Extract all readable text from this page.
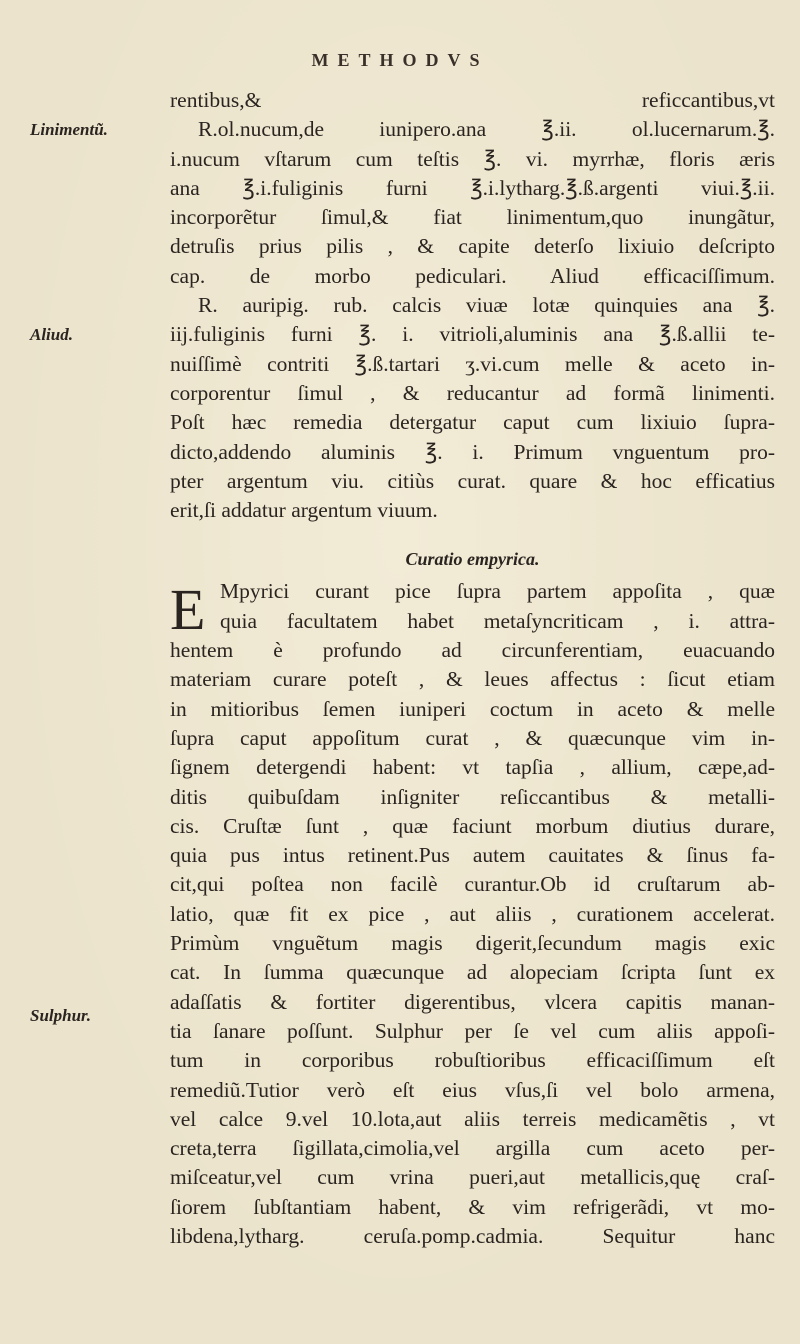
METHODVS
Linimentũ.
Aliud.
Sulphur.
rentibus,& reficcantibus,vt
R.ol.nucum,de iunipero.ana ℥.ii. ol.lucernarum.℥.
i.nucum vſtarum cum teſtis ℥. vi. myrrhæ, floris æris
ana ℥.i.fuliginis furni ℥.i.lytharg.℥.ß.argenti viui.℥.ii.
incorporẽtur ſimul,& fiat linimentum,quo inungãtur,
detruſis prius pilis , & capite deterſo lixiuio deſcripto
cap. de morbo pediculari. Aliud efficaciſſimum.
R. auripig. rub. calcis viuæ lotæ quinquies ana ℥.
iij.fuliginis furni ℥. i. vitrioli,aluminis ana ℥.ß.allii te-
nuiſſimè contriti ℥.ß.tartari ʒ.vi.cum melle & aceto in-
corporentur ſimul , & reducantur ad formã linimenti.
Poſt hæc remedia detergatur caput cum lixiuio ſupra-
dicto,addendo aluminis ℥. i. Primum vnguentum pro-
pter argentum viu. citiùs curat. quare & hoc efficatius
erit,ſi addatur argentum viuum.
Curatio empyrica.
E Mpyrici curant pice ſupra partem appoſita , quæ
quia facultatem habet metaſyncriticam , i. attra-
hentem è profundo ad circunferentiam, euacuando
materiam curare poteſt , & leues affectus : ſicut etiam
in mitioribus ſemen iuniperi coctum in aceto & melle
ſupra caput appoſitum curat , & quæcunque vim in-
ſignem detergendi habent: vt tapſia , allium, cæpe,ad-
ditis quibuſdam inſigniter reſiccantibus & metalli-
cis. Cruſtæ ſunt , quæ faciunt morbum diutius durare,
quia pus intus retinent.Pus autem cauitates & ſinus fa-
cit,qui poſtea non facilè curantur.Ob id cruſtarum ab-
latio, quæ fit ex pice , aut aliis , curationem accelerat.
Primùm vnguẽtum magis digerit,ſecundum magis exic
cat. In ſumma quæcunque ad alopeciam ſcripta ſunt ex
adaſſatis & fortiter digerentibus, vlcera capitis manan-
tia ſanare poſſunt. Sulphur per ſe vel cum aliis appoſi-
tum in corporibus robuſtioribus efficaciſſimum eſt
remediũ.Tutior verò eſt eius vſus,ſi vel bolo armena,
vel calce 9.vel 10.lota,aut aliis terreis medicamẽtis , vt
creta,terra ſigillata,cimolia,vel argilla cum aceto per-
miſceatur,vel cum vrina pueri,aut metallicis,quę craſ-
ſiorem ſubſtantiam habent, & vim refrigerãdi, vt mo-
libdena,lytharg. ceruſa.pomp.cadmia. Sequitur hanc
